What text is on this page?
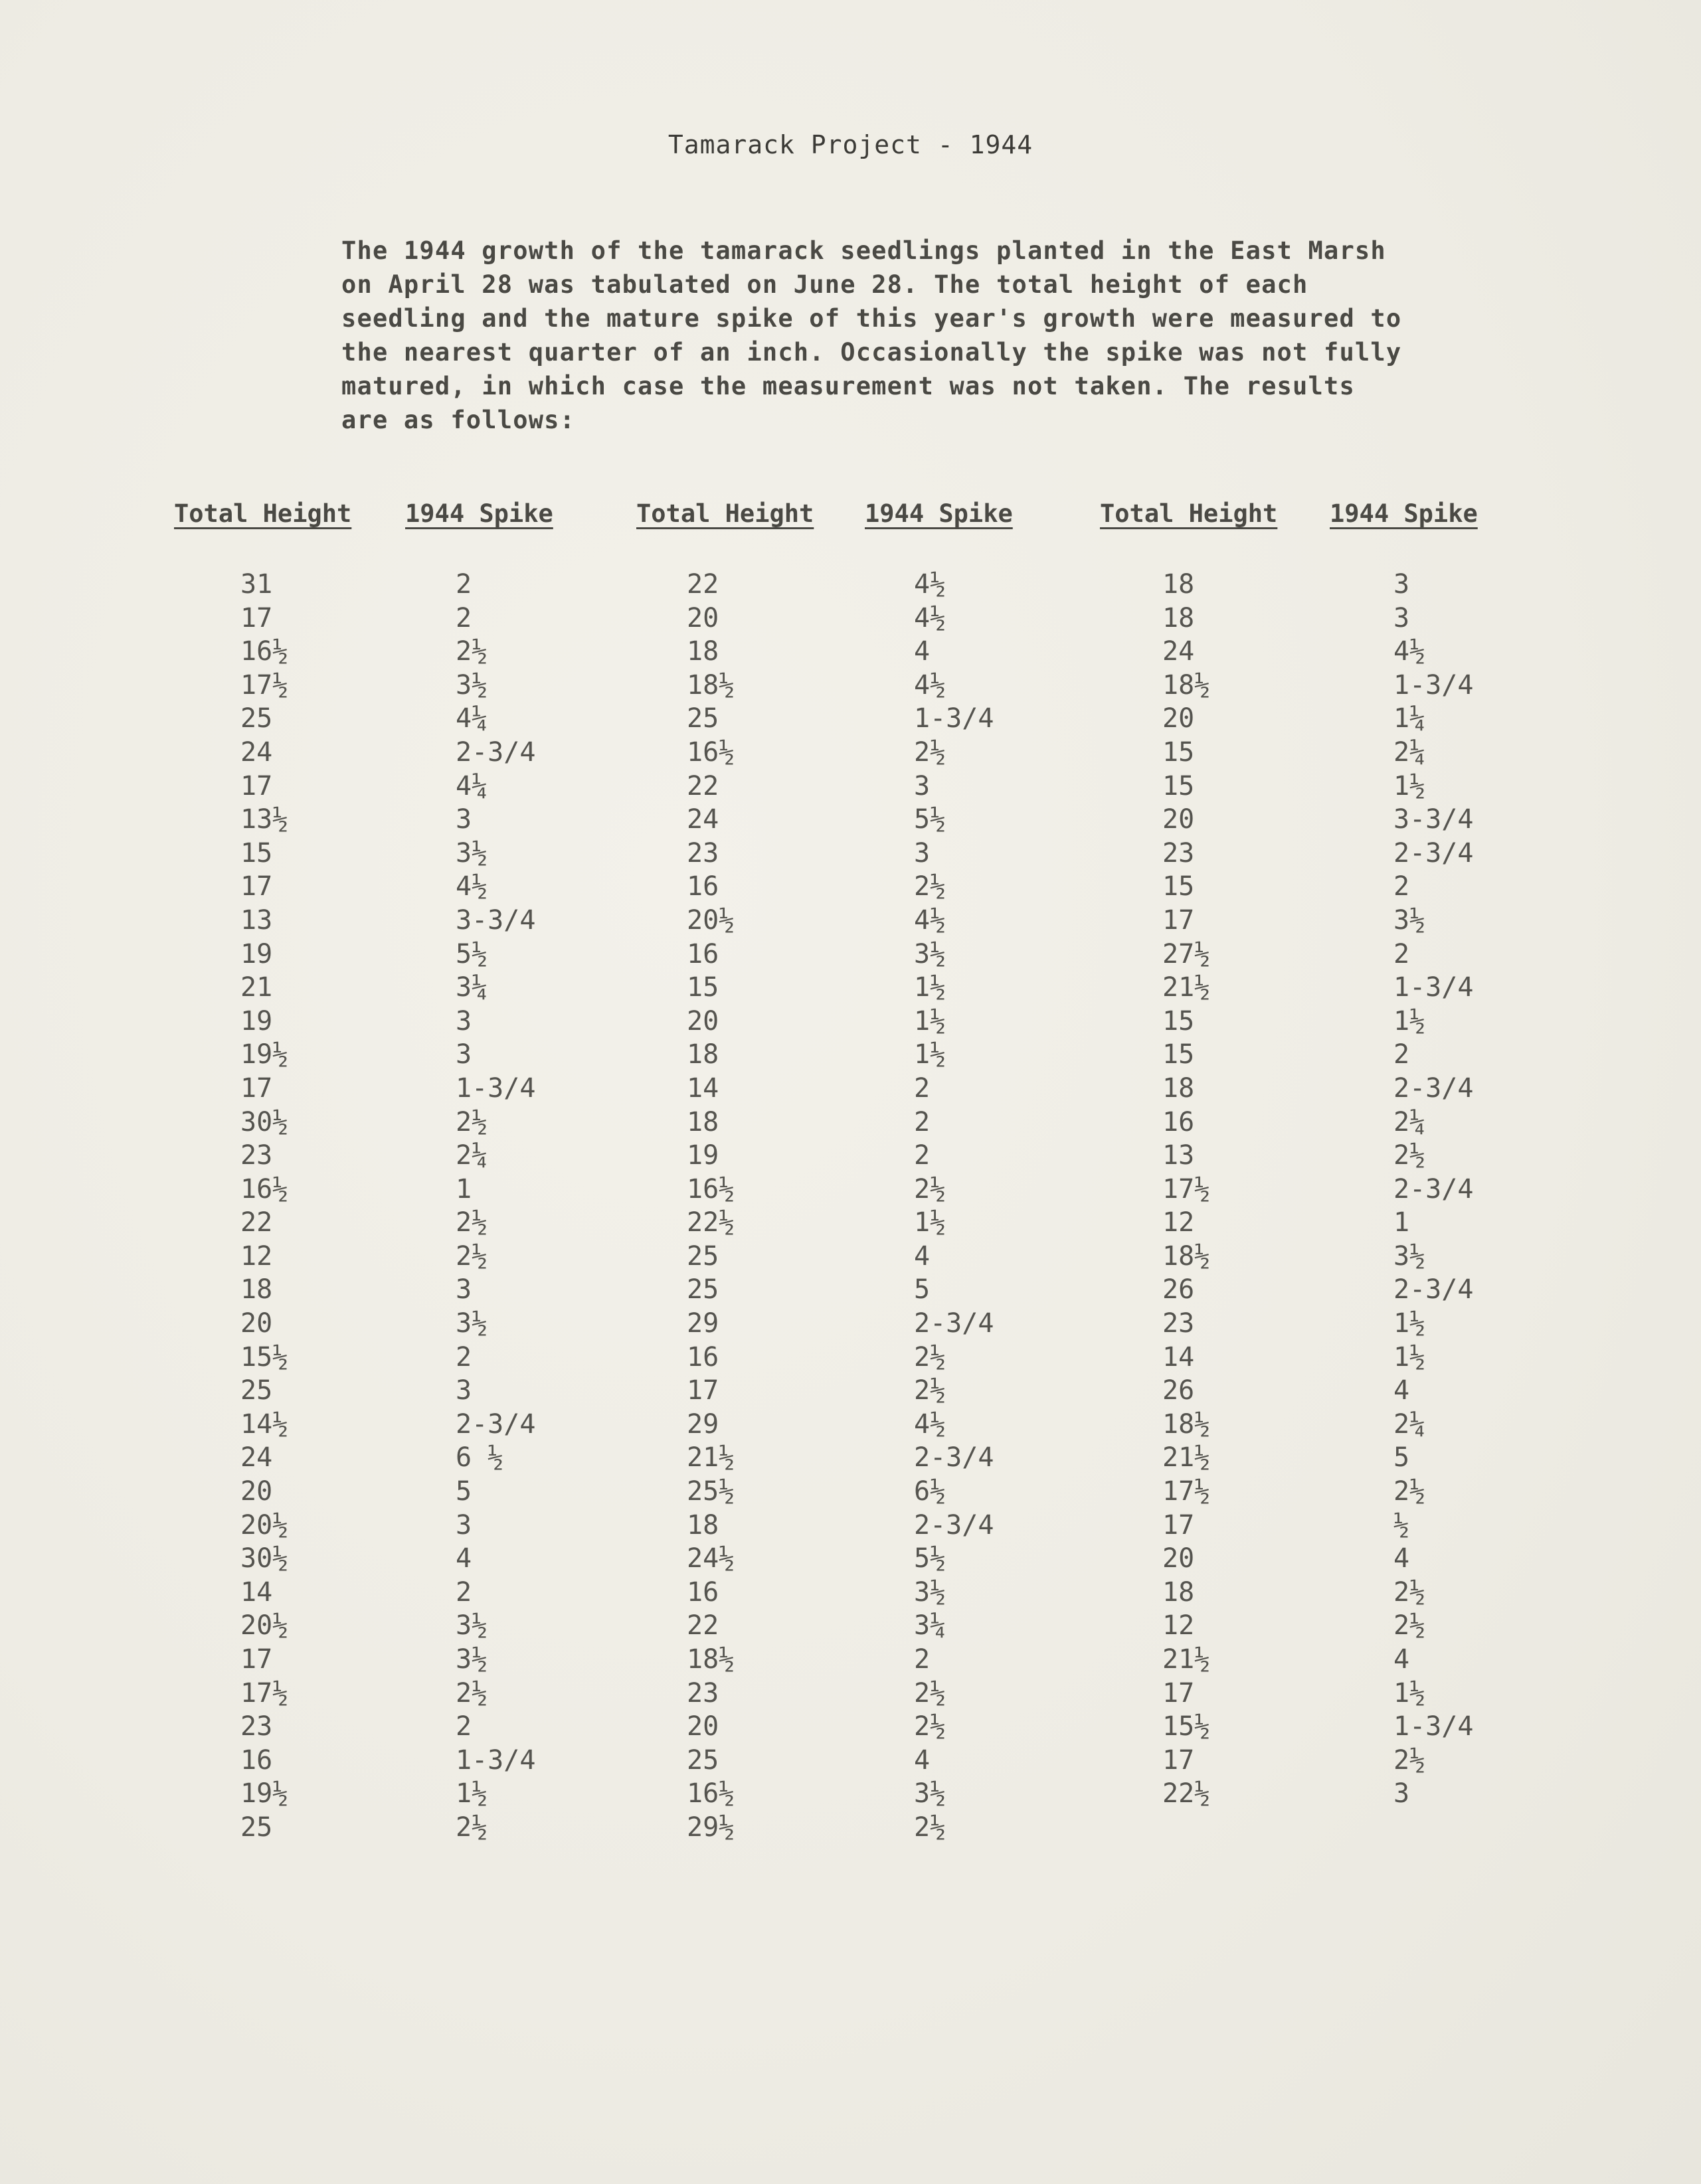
Tamarack Project - 1944

The 1944 growth of the tamarack seedlings planted in the East Marsh
on April 28 was tabulated on June 28. The total height of each
seedling and the mature spike of this year's growth were measured to
the nearest quarter of an inch. Occasionally the spike was not fully
matured, in which case the measurement was not taken. The results
are as follows:

Total Height 1944 Spike	Total Height 1944 Spike	Total Height 1944 Spike
31
17
16½
17½
25
24
17
13½
15
17
13
19
21
19
19½
17
30½
23
16½
22
12
18
20
15½
25
14½
24
20
20½
30½
14
20½
17
17½
23
16
19½
25
2
2
2½
3½
4¼
2-3/4
4¼
3
3½
4½
3-3/4
5½
3¼
3
3
1-3/4
2½
2¼
1
2½
2½
3
3½
2
3
2-3/4
6 ½
5
3
4
2
3½
3½
2½
2
1-3/4
1½
2½
22
20
18
18½
25
16½
22
24
23
16
20½
16
15
20
18
14
18
19
16½
22½
25
25
29
16
17
29
21½
25½
18
24½
16
22
18½
23
20
25
16½
29½
4½
4½
4
4½
1-3/4
2½
3
5½
3
2½
4½
3½
1½
1½
1½
2
2
2
2½
1½
4
5
2-3/4
2½
2½
4½
2-3/4
6½
2-3/4
5½
3½
3¼
2
2½
2½
4
3½
2½
18
18
24
18½
20
15
15
20
23
15
17
27½
21½
15
15
18
16
13
17½
12
18½
26
23
14
26
18½
21½
17½
17
20
18
12
21½
17
15½
17
22½
3
3
4½
1-3/4
1¼
2¼
1½
3-3/4
2-3/4
2
3½
2
1-3/4
1½
2
2-3/4
2¼
2½
2-3/4
1
3½
2-3/4
1½
1½
4
2¼
5
2½
½
4
2½
2½
4
1½
1-3/4
2½
3
